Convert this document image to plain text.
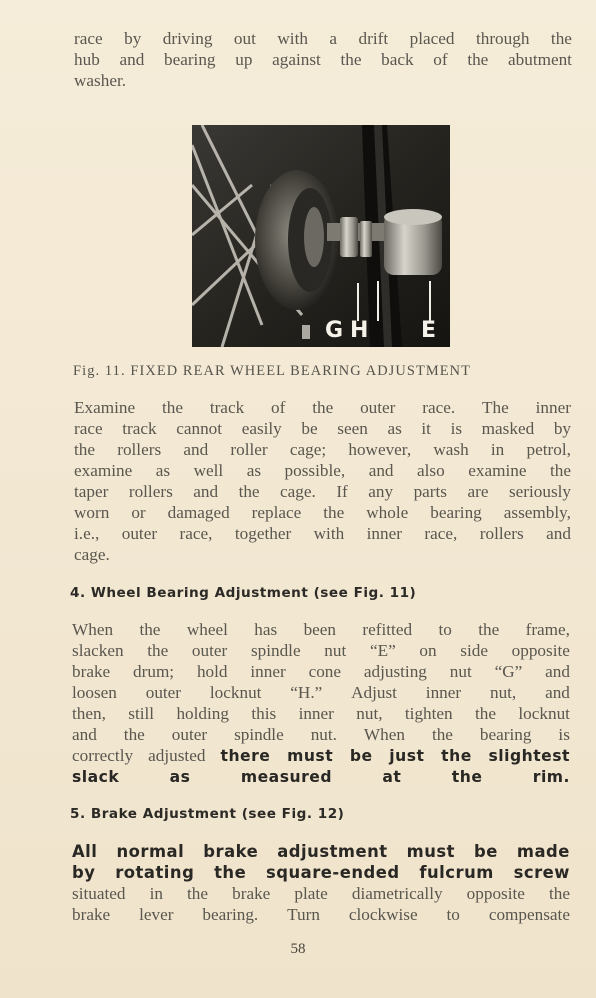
race by driving out with a drift placed through the
hub and bearing up against the back of the abutment
washer.
G H E
Fig. 11. FIXED REAR WHEEL BEARING ADJUSTMENT
Examine the track of the outer race. The inner
race track cannot easily be seen as it is masked by
the rollers and roller cage; however, wash in petrol,
examine as well as possible, and also examine the
taper rollers and the cage. If any parts are seriously
worn or damaged replace the whole bearing assembly,
i.e., outer race, together with inner race, rollers and
cage.
4. Wheel Bearing Adjustment (see Fig. 11)
When the wheel has been refitted to the frame,
slacken the outer spindle nut “E” on side opposite
brake drum; hold inner cone adjusting nut “G” and
loosen outer locknut “H.” Adjust inner nut, and
then, still holding this inner nut, tighten the locknut
and the outer spindle nut. When the bearing is
correctly adjusted there must be just the slightest
slack as measured at the rim.
5. Brake Adjustment (see Fig. 12)
All normal brake adjustment must be made
by rotating the square-ended fulcrum screw
situated in the brake plate diametrically opposite the
brake lever bearing. Turn clockwise to compensate
58
